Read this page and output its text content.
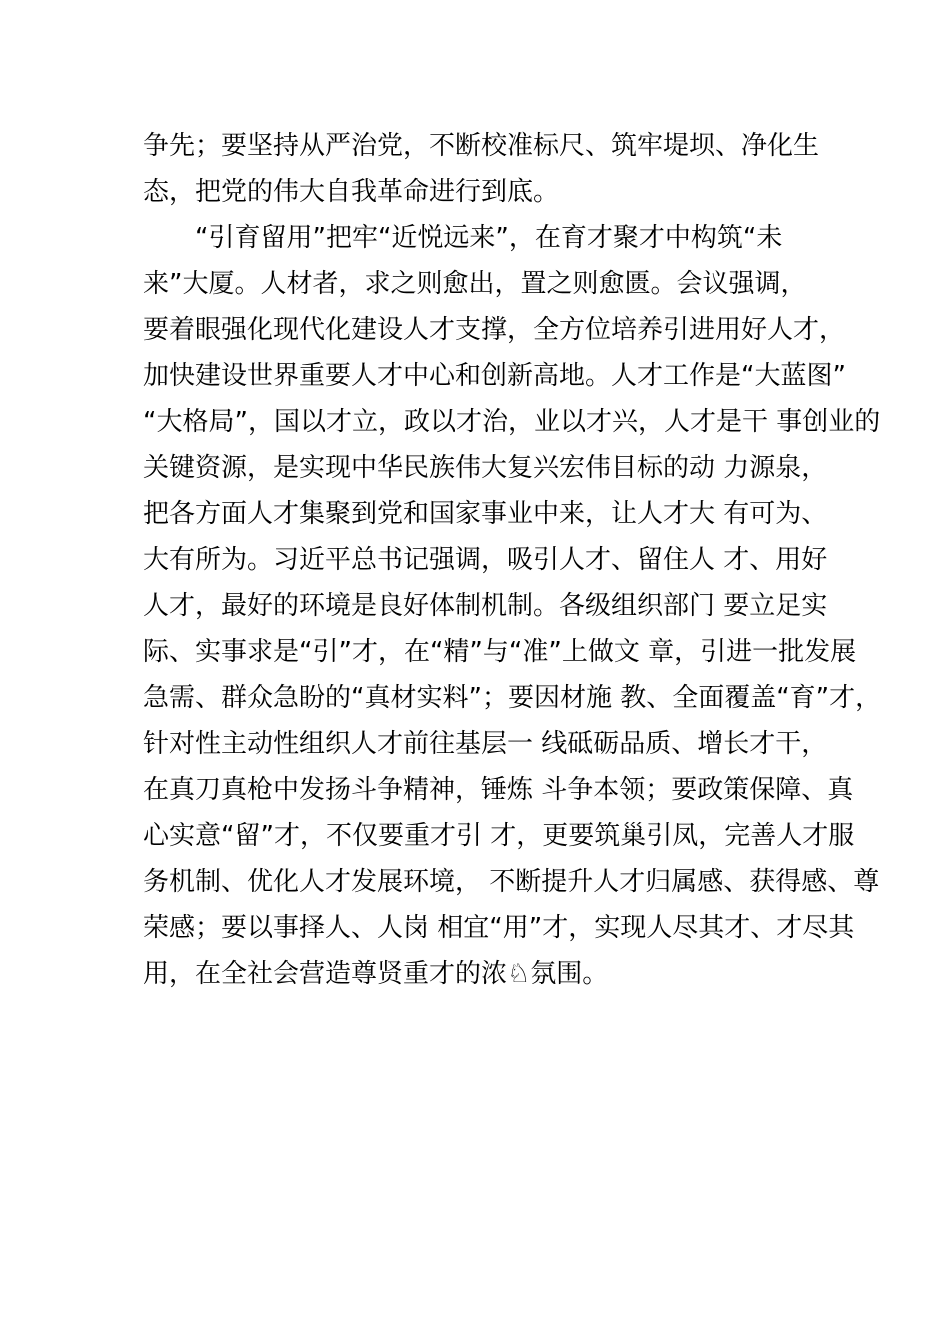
争先；要坚持从严治党，不断校准标尺、筑牢堤坝、净化生
态，把党的伟大自我革命进行到底。
“引育留用”把牢“近悦远来”，在育才聚才中构筑“未
来”大厦。人材者，求之则愈出，置之则愈匮。会议强调，
要着眼强化现代化建设人才支撑，全方位培养引进用好人才，
加快建设世界重要人才中心和创新高地。人才工作是“大蓝图”
“大格局”，国以才立，政以才治，业以才兴，人才是干 事创业的
关键资源，是实现中华民族伟大复兴宏伟目标的动 力源泉，
把各方面人才集聚到党和国家事业中来，让人才大 有可为、
大有所为。习近平总书记强调，吸引人才、留住人 才、用好
人才，最好的环境是良好体制机制。各级组织部门 要立足实
际、实事求是“引”才，在“精”与“准”上做文 章，引进一批发展
急需、群众急盼的“真材实料”；要因材施 教、全面覆盖“育”才，
针对性主动性组织人才前往基层一 线砥砺品质、增长才干，
在真刀真枪中发扬斗争精神，锤炼 斗争本领；要政策保障、真
心实意“留”才，不仅要重才引 才，更要筑巢引凤，完善人才服
务机制、优化人才发展环境， 不断提升人才归属感、获得感、尊
荣感；要以事择人、人岗 相宜“用”才，实现人尽其才、才尽其
用，在全社会营造尊贤重才的浓♘氛围。
